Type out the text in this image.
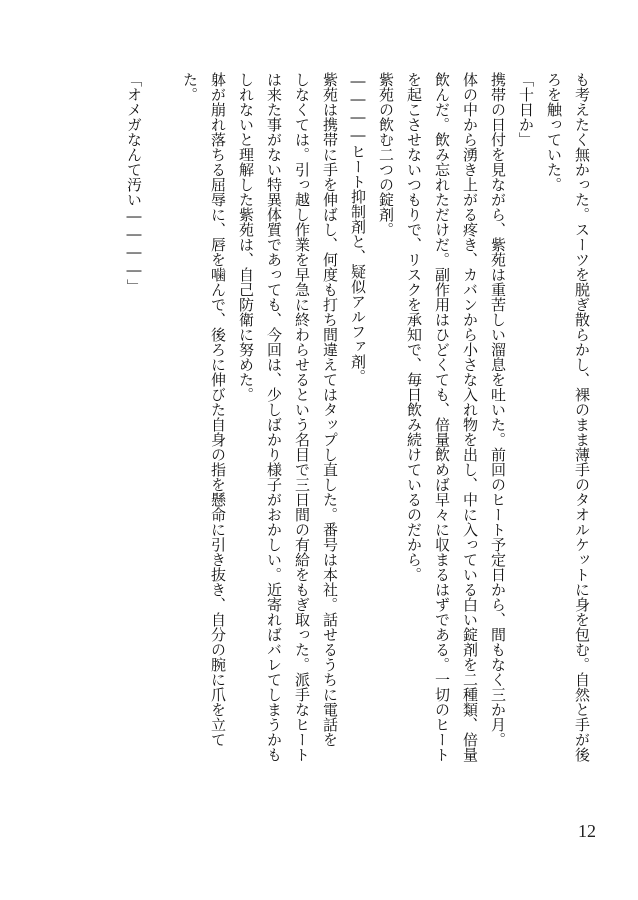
も考えたく無かった。スーツを脱ぎ散らかし、裸のまま薄手のタオルケットに身を包む。自然と手が後
ろを触っていた。
「十日か」
携帯の日付を見ながら、紫苑は重苦しい溜息を吐いた。前回のヒート予定日から、間もなく三か月。
体の中から湧き上がる疼き、カバンから小さな入れ物を出し、中に入っている白い錠剤を二種類、倍量
飲んだ。飲み忘れただけだ。副作用はひどくても、倍量飲めば早々に収まるはずである。一切のヒート
を起こさせないつもりで、リスクを承知で、毎日飲み続けているのだから。
紫苑の飲む二つの錠剤。
――――ヒート抑制剤と、疑似アルファ剤。
紫苑は携帯に手を伸ばし、何度も打ち間違えてはタップし直した。番号は本社。話せるうちに電話を
しなくては。引っ越し作業を早急に終わらせるという名目で三日間の有給をもぎ取った。派手なヒート
は来た事がない特異体質であっても、今回は、少しばかり様子がおかしい。近寄ればバレてしまうかも
しれないと理解した紫苑は、自己防衛に努めた。
躰が崩れ落ちる屈辱に、唇を噛んで、後ろに伸びた自身の指を懸命に引き抜き、自分の腕に爪を立て
た。
「オメガなんて汚い――――」
12
